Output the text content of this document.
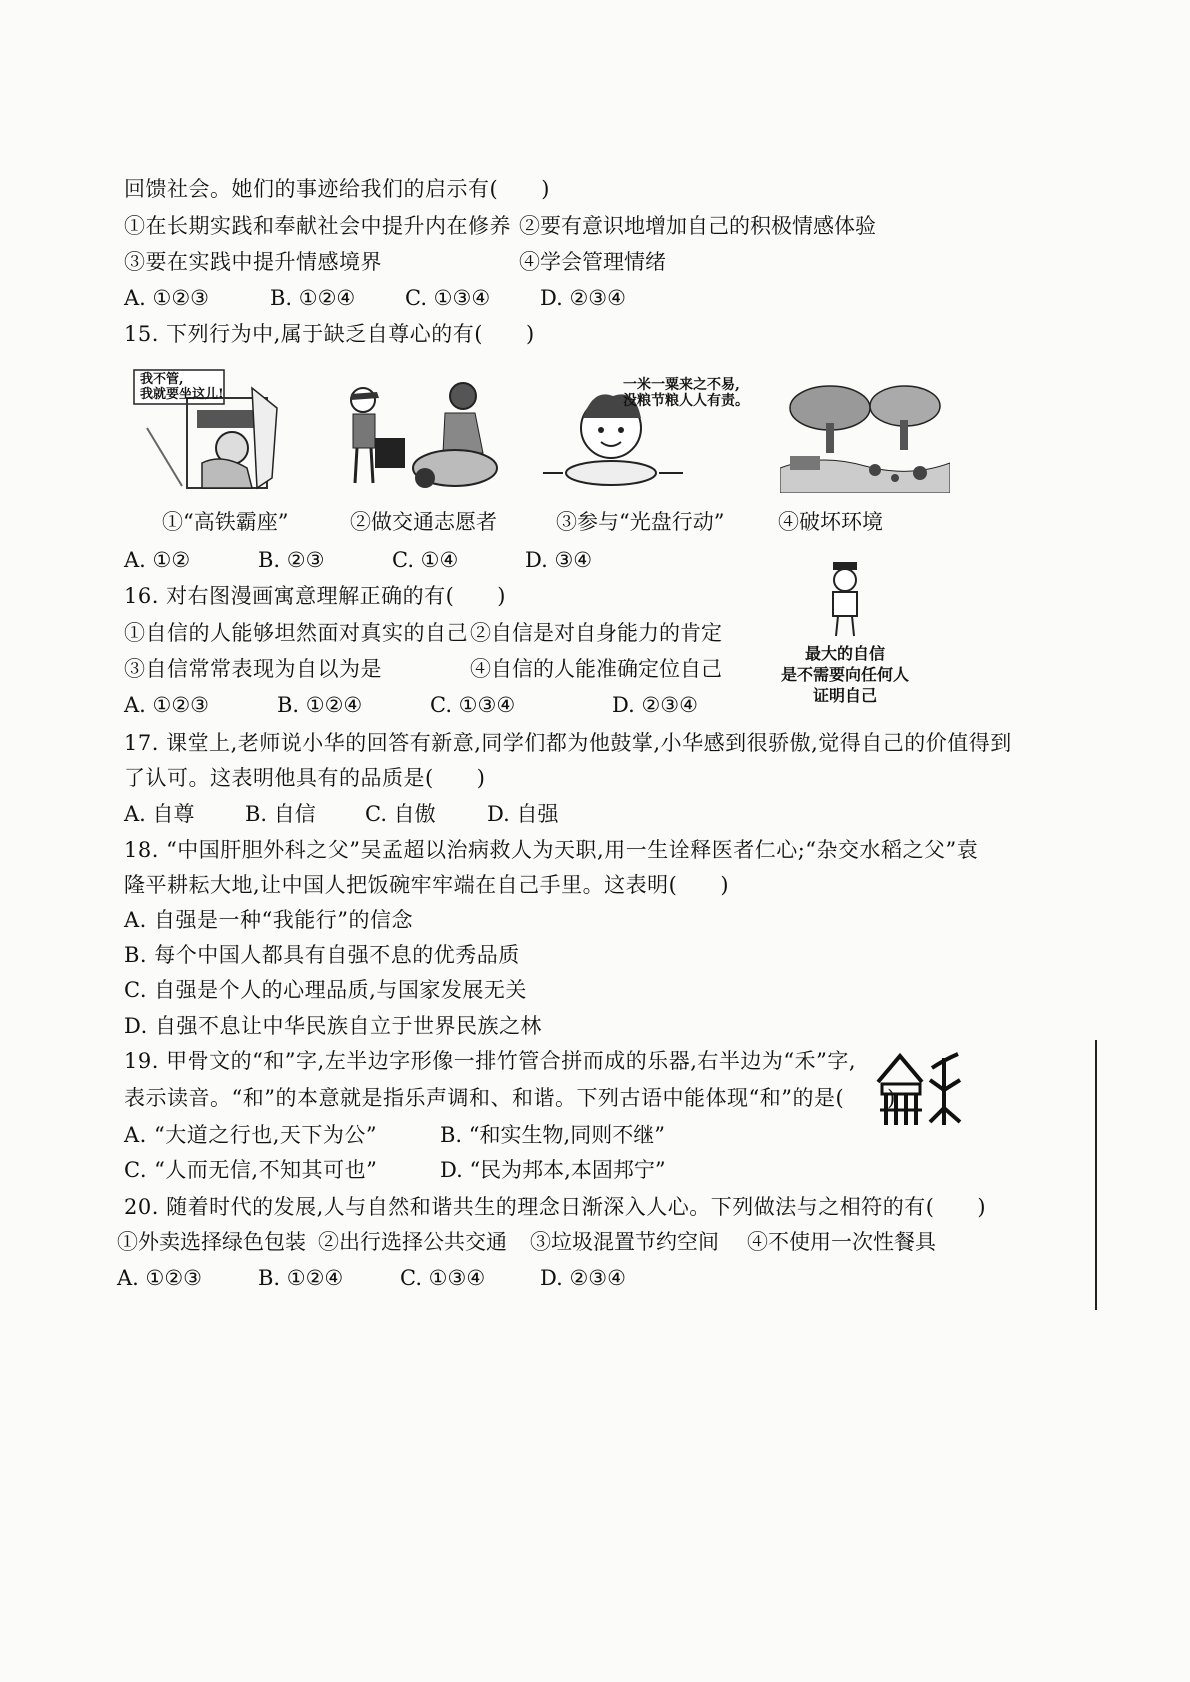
回馈社会。她们的事迹给我们的启示有(　　)
①在长期实践和奉献社会中提升内在修养 ②要有意识地增加自己的积极情感体验
③要在实践中提升情感境界	④学会管理情绪
A. ①②③	B. ①②④ C. ①③④ D. ②③④
15. 下列行为中,属于缺乏自尊心的有(　　)
我不管,
我就要坐这儿!
一米一粟来之不易,
没粮节粮人人有责。
①“高铁霸座”	②做交通志愿者	③参与“光盘行动”	④破坏环境
A. ①②	B. ②③	C. ①④	D. ③④
16. 对右图漫画寓意理解正确的有(　　)
①自信的人能够坦然面对真实的自己 ②自信是对自身能力的肯定
③自信常常表现为自以为是	④自信的人能准确定位自己
A. ①②③	B. ①②④	C. ①③④	D. ②③④
最大的自信
是不需要向任何人
证明自己
17. 课堂上,老师说小华的回答有新意,同学们都为他鼓掌,小华感到很骄傲,觉得自己的价值得到
了认可。这表明他具有的品质是(　　)
A. 自尊 B. 自信 C. 自傲 D. 自强
18. “中国肝胆外科之父”吴孟超以治病救人为天职,用一生诠释医者仁心;“杂交水稻之父”袁
隆平耕耘大地,让中国人把饭碗牢牢端在自己手里。这表明(　　)
A. 自强是一种“我能行”的信念
B. 每个中国人都具有自强不息的优秀品质
C. 自强是个人的心理品质,与国家发展无关
D. 自强不息让中华民族自立于世界民族之林
19. 甲骨文的“和”字,左半边字形像一排竹管合拼而成的乐器,右半边为“禾”字,
表示读音。“和”的本意就是指乐声调和、和谐。下列古语中能体现“和”的是(　　)
A. “大道之行也,天下为公”	B. “和实生物,同则不继”
C. “人而无信,不知其可也”	D. “民为邦本,本固邦宁”
20. 随着时代的发展,人与自然和谐共生的理念日渐深入人心。下列做法与之相符的有(　　)
①外卖选择绿色包装 ②出行选择公共交通 ③垃圾混置节约空间 ④不使用一次性餐具
A. ①②③	B. ①②④	C. ①③④	D. ②③④
